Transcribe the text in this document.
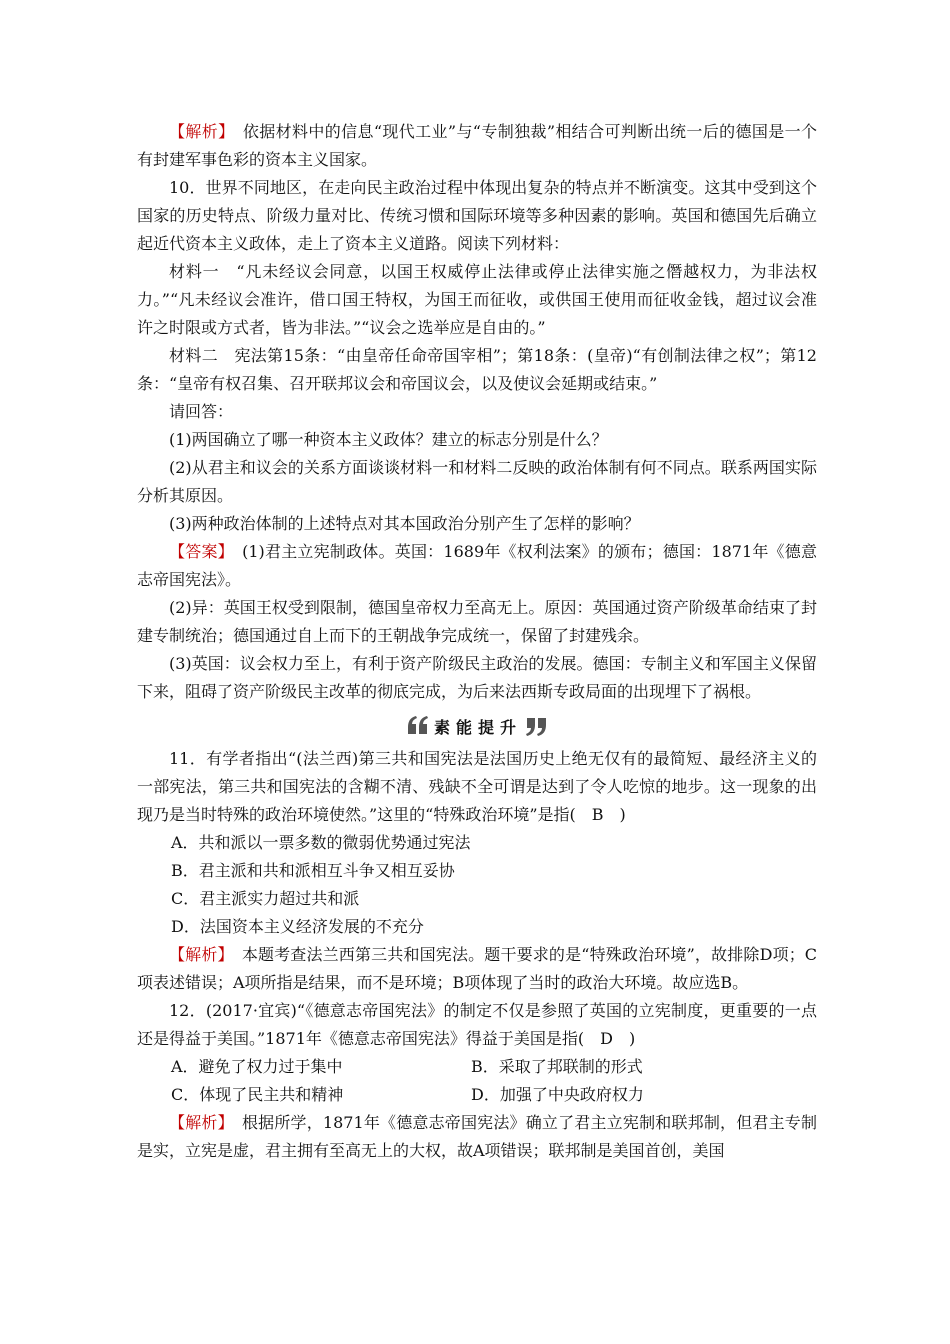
【解析】　依据材料中的信息“现代工业”与“专制独裁”相结合可判断出统一后的德国是一个有封建军事色彩的资本主义国家。

10．世界不同地区，在走向民主政治过程中体现出复杂的特点并不断演变。这其中受到这个国家的历史特点、阶级力量对比、传统习惯和国际环境等多种因素的影响。英国和德国先后确立起近代资本主义政体，走上了资本主义道路。阅读下列材料：

材料一　“凡未经议会同意，以国王权威停止法律或停止法律实施之僭越权力，为非法权力。”“凡未经议会准许，借口国王特权，为国王而征收，或供国王使用而征收金钱，超过议会准许之时限或方式者，皆为非法。”“议会之选举应是自由的。”

材料二　宪法第15条：“由皇帝任命帝国宰相”；第18条：(皇帝)“有创制法律之权”；第12条：“皇帝有权召集、召开联邦议会和帝国议会，以及使议会延期或结束。”

请回答：

(1)两国确立了哪一种资本主义政体？建立的标志分别是什么？

(2)从君主和议会的关系方面谈谈材料一和材料二反映的政治体制有何不同点。联系两国实际分析其原因。

(3)两种政治体制的上述特点对其本国政治分别产生了怎样的影响？

【答案】　(1)君主立宪制政体。英国：1689年《权利法案》的颁布；德国：1871年《德意志帝国宪法》。

(2)异：英国王权受到限制，德国皇帝权力至高无上。原因：英国通过资产阶级革命结束了封建专制统治；德国通过自上而下的王朝战争完成统一，保留了封建残余。

(3)英国：议会权力至上，有利于资产阶级民主政治的发展。德国：专制主义和军国主义保留下来，阻碍了资产阶级民主改革的彻底完成，为后来法西斯专政局面的出现埋下了祸根。

素能提升

11．有学者指出“(法兰西)第三共和国宪法是法国历史上绝无仅有的最简短、最经济主义的一部宪法，第三共和国宪法的含糊不清、残缺不全可谓是达到了令人吃惊的地步。这一现象的出现乃是当时特殊的政治环境使然。”这里的“特殊政治环境”是指(　B　)

A．共和派以一票多数的微弱优势通过宪法

B．君主派和共和派相互斗争又相互妥协

C．君主派实力超过共和派

D．法国资本主义经济发展的不充分

【解析】　本题考查法兰西第三共和国宪法。题干要求的是“特殊政治环境”，故排除D项；C项表述错误；A项所指是结果，而不是环境；B项体现了当时的政治大环境。故应选B。

12．(2017·宜宾)“《德意志帝国宪法》的制定不仅是参照了英国的立宪制度，更重要的一点还是得益于美国。”1871年《德意志帝国宪法》得益于美国是指(　D　)

A．避免了权力过于集中	B．采取了邦联制的形式

C．体现了民主共和精神	D．加强了中央政府权力

【解析】　根据所学，1871年《德意志帝国宪法》确立了君主立宪制和联邦制，但君主专制是实，立宪是虚，君主拥有至高无上的大权，故A项错误；联邦制是美国首创，美国
